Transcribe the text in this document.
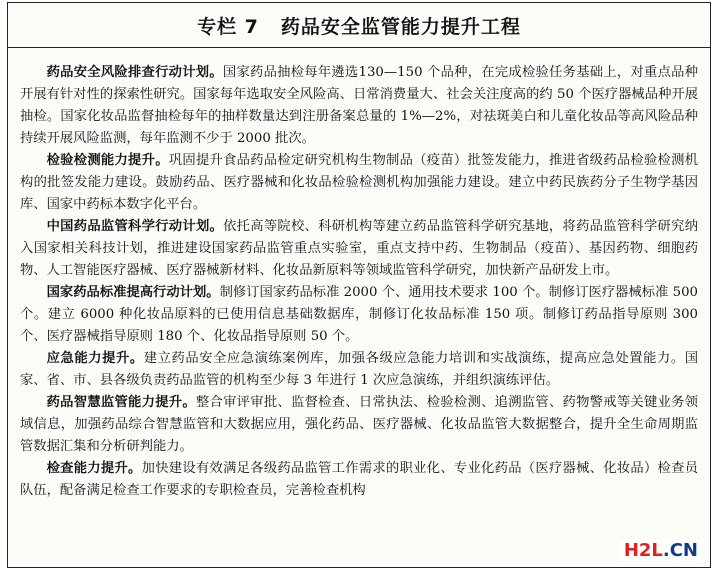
专栏 7 药品安全监管能力提升工程

药品安全风险排查行动计划。国家药品抽检每年遴选130—150 个品种，在完成检验任务基础上，对重点品种开展有针对性的探索性研究。国家每年选取安全风险高、日常消费量大、社会关注度高的约 50 个医疗器械品种开展抽检。国家化妆品监督抽检每年的抽样数量达到注册备案总量的 1%—2%，对祛斑美白和儿童化妆品等高风险品种持续开展风险监测，每年监测不少于 2000 批次。

检验检测能力提升。巩固提升食品药品检定研究机构生物制品（疫苗）批签发能力，推进省级药品检验检测机构的批签发能力建设。鼓励药品、医疗器械和化妆品检验检测机构加强能力建设。建立中药民族药分子生物学基因库、国家中药标本数字化平台。

中国药品监管科学行动计划。依托高等院校、科研机构等建立药品监管科学研究基地，将药品监管科学研究纳入国家相关科技计划，推进建设国家药品监管重点实验室，重点支持中药、生物制品（疫苗）、基因药物、细胞药物、人工智能医疗器械、医疗器械新材料、化妆品新原料等领域监管科学研究，加快新产品研发上市。

国家药品标准提高行动计划。制修订国家药品标准 2000 个、通用技术要求 100 个。制修订医疗器械标准 500 个。建立 6000 种化妆品原料的已使用信息基础数据库，制修订化妆品标准 150 项。制修订药品指导原则 300 个、医疗器械指导原则 180 个、化妆品指导原则 50 个。

应急能力提升。建立药品安全应急演练案例库，加强各级应急能力培训和实战演练，提高应急处置能力。国家、省、市、县各级负责药品监管的机构至少每 3 年进行 1 次应急演练，并组织演练评估。

药品智慧监管能力提升。整合审评审批、监督检查、日常执法、检验检测、追溯监管、药物警戒等关键业务领域信息，加强药品综合智慧监管和大数据应用，强化药品、医疗器械、化妆品监管大数据整合，提升全生命周期监管数据汇集和分析研判能力。

检查能力提升。加快建设有效满足各级药品监管工作需求的职业化、专业化药品（医疗器械、化妆品）检查员队伍，配备满足检查工作要求的专职检查员，完善检查机构

H2L.CN
